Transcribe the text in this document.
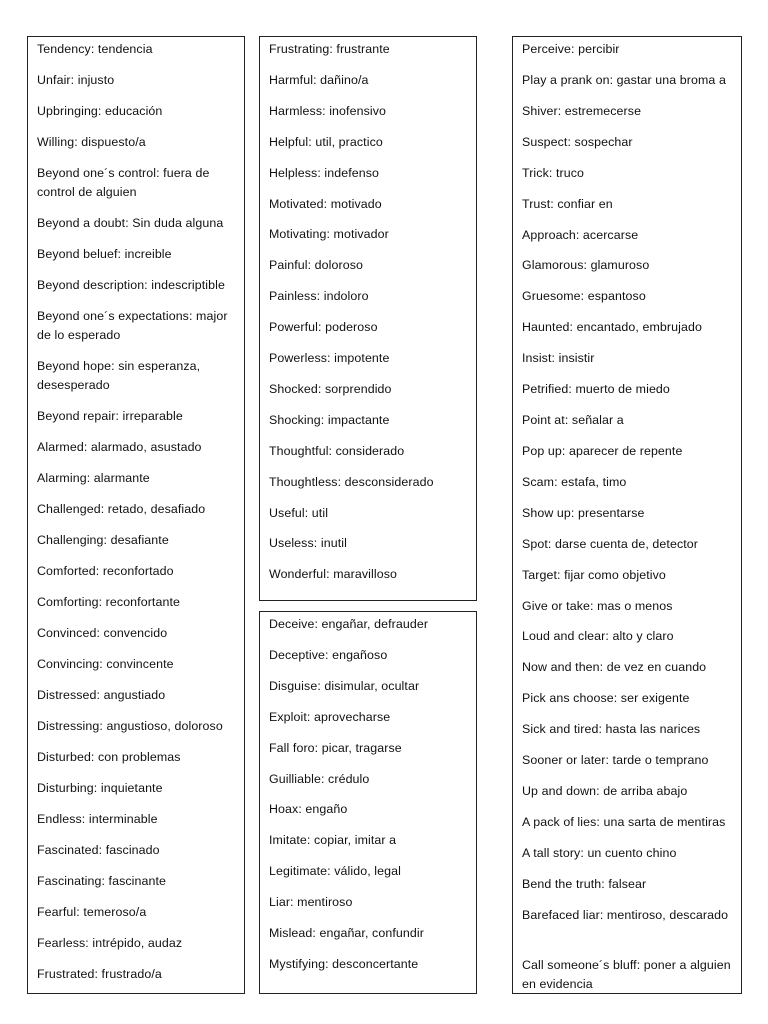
Tendency: tendencia
Unfair: injusto
Upbringing: educación
Willing: dispuesto/a
Beyond one´s control: fuera de control de alguien
Beyond a doubt: Sin duda alguna
Beyond beluef: increible
Beyond description: indescriptible
Beyond one´s expectations: major de lo esperado
Beyond hope: sin esperanza, desesperado
Beyond repair: irreparable
Alarmed: alarmado, asustado
Alarming: alarmante
Challenged: retado, desafiado
Challenging: desafiante
Comforted: reconfortado
Comforting: reconfortante
Convinced: convencido
Convincing: convincente
Distressed: angustiado
Distressing: angustioso, doloroso
Disturbed: con problemas
Disturbing: inquietante
Endless: interminable
Fascinated: fascinado
Fascinating: fascinante
Fearful: temeroso/a
Fearless: intrépido, audaz
Frustrated: frustrado/a
Frustrating: frustrante
Harmful: dañino/a
Harmless: inofensivo
Helpful: util, practico
Helpless: indefenso
Motivated: motivado
Motivating: motivador
Painful: doloroso
Painless: indoloro
Powerful: poderoso
Powerless: impotente
Shocked: sorprendido
Shocking: impactante
Thoughtful: considerado
Thoughtless: desconsiderado
Useful: util
Useless: inutil
Wonderful: maravilloso
Deceive: engañar, defrauder
Deceptive: engañoso
Disguise: disimular, ocultar
Exploit: aprovecharse
Fall foro: picar, tragarse
Guilliable: crédulo
Hoax: engaño
Imitate: copiar, imitar a
Legitimate: válido, legal
Liar: mentiroso
Mislead: engañar, confundir
Mystifying: desconcertante
Perceive: percibir
Play a prank on: gastar una broma a
Shiver: estremecerse
Suspect: sospechar
Trick: truco
Trust: confiar en
Approach: acercarse
Glamorous: glamuroso
Gruesome: espantoso
Haunted: encantado, embrujado
Insist: insistir
Petrified: muerto de miedo
Point at: señalar a
Pop up: aparecer de repente
Scam: estafa, timo
Show up: presentarse
Spot: darse cuenta de, detector
Target: fijar como objetivo
Give or take: mas o menos
Loud and clear: alto y claro
Now and then: de vez en cuando
Pick ans choose: ser exigente
Sick and tired: hasta las narices
Sooner or later: tarde o temprano
Up and down: de arriba abajo
A pack of lies: una sarta de mentiras
A tall story: un cuento chino
Bend the truth: falsear
Barefaced liar: mentiroso, descarado
Call someone´s bluff: poner a alguien en evidencia
